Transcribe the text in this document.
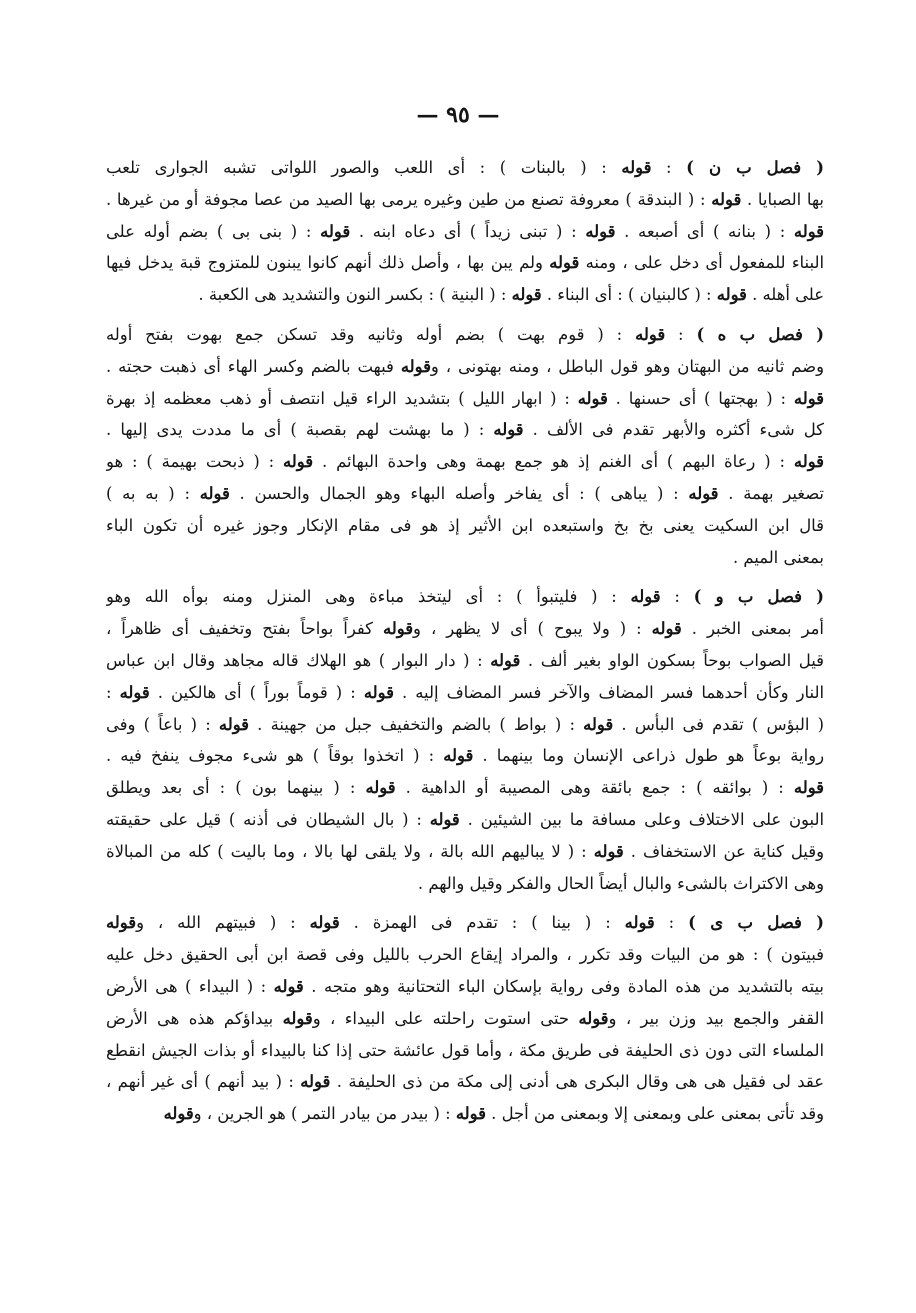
— ٩٥ —
( فصل ب ن ) : قوله : ( بالبنات ) : أى اللعب والصور اللواتى تشبه الجوارى تلعب
بها الصبايا . قوله : ( البندقة ) معروفة تصنع من طين وغيره يرمى بها الصيد من عصا مجوفة أو من غيرها .
قوله : ( بنانه ) أى أصبعه . قوله : ( تبنى زيداً ) أى دعاه ابنه . قوله : ( بنى بى ) بضم أوله على
البناء للمفعول أى دخل على ، ومنه قوله ولم يبن بها ، وأصل ذلك أنهم كانوا يبنون للمتزوج قبة يدخل فيها
على أهله . قوله : ( كالبنيان ) : أى البناء . قوله : ( البنية ) : بكسر النون والتشديد هى الكعبة .
( فصل ب ه ) : قوله : ( قوم بهت ) بضم أوله وثانيه وقد تسكن جمع بهوت بفتح أوله
وضم ثانيه من البهتان وهو قول الباطل ، ومنه بهتونى ، وقوله فبهت بالضم وكسر الهاء أى ذهبت حجته .
قوله : ( بهجتها ) أى حسنها . قوله : ( ابهار الليل ) بتشديد الراء قيل انتصف أو ذهب معظمه إذ بهرة
كل شىء أكثره والأبهر تقدم فى الألف . قوله : ( ما بهشت لهم بقصبة ) أى ما مددت يدى إليها .
قوله : ( رعاة البهم ) أى الغنم إذ هو جمع بهمة وهى واحدة البهائم . قوله : ( ذبحت بهيمة ) : هو
تصغير بهمة . قوله : ( يباهى ) : أى يفاخر وأصله البهاء وهو الجمال والحسن . قوله : ( به به )
قال ابن السكيت يعنى بخ بخ واستبعده ابن الأثير إذ هو فى مقام الإنكار وجوز غيره أن تكون الباء
بمعنى الميم .
( فصل ب و ) : قوله : ( فليتبوأ ) : أى ليتخذ مباءة وهى المنزل ومنه بوأه الله وهو
أمر بمعنى الخبر . قوله : ( ولا يبوح ) أى لا يظهر ، وقوله كفراً بواحاً بفتح وتخفيف أى ظاهراً ،
قيل الصواب بوحاً بسكون الواو بغير ألف . قوله : ( دار البوار ) هو الهلاك قاله مجاهد وقال ابن عباس
النار وكأن أحدهما فسر المضاف والآخر فسر المضاف إليه . قوله : ( قوماً بوراً ) أى هالكين . قوله :
( البؤس ) تقدم فى البأس . قوله : ( بواط ) بالضم والتخفيف جبل من جهينة . قوله : ( باعاً ) وفى
رواية بوعاً هو طول ذراعى الإنسان وما بينهما . قوله : ( اتخذوا بوقاً ) هو شىء مجوف ينفخ فيه .
قوله : ( بوائقه ) : جمع بائقة وهى المصيبة أو الداهية . قوله : ( بينهما بون ) : أى بعد ويطلق
البون على الاختلاف وعلى مسافة ما بين الشيئين . قوله : ( بال الشيطان فى أذنه ) قيل على حقيقته
وقيل كناية عن الاستخفاف . قوله : ( لا يباليهم الله بالة ، ولا يلقى لها بالا ، وما باليت ) كله من المبالاة
وهى الاكتراث بالشىء والبال أيضاً الحال والفكر وقيل والهم .
( فصل ب ى ) : قوله : ( بينا ) : تقدم فى الهمزة . قوله : ( فبيتهم الله ، وقوله
فبيتون ) : هو من البيات وقد تكرر ، والمراد إيقاع الحرب بالليل وفى قصة ابن أبى الحقيق دخل عليه
بيته بالتشديد من هذه المادة وفى رواية بإسكان الباء التحتانية وهو متجه . قوله : ( البيداء ) هى الأرض
القفر والجمع بيد وزن بير ، وقوله حتى استوت راحلته على البيداء ، وقوله بيداؤكم هذه هى الأرض
الملساء التى دون ذى الحليفة فى طريق مكة ، وأما قول عائشة حتى إذا كنا بالبيداء أو بذات الجيش انقطع
عقد لى فقيل هى هى وقال البكرى هى أدنى إلى مكة من ذى الحليفة . قوله : ( بيد أنهم ) أى غير أنهم ،
وقد تأتى بمعنى على وبمعنى إلا وبمعنى من أجل . قوله : ( بيدر من بيادر التمر ) هو الجرين ، وقوله
